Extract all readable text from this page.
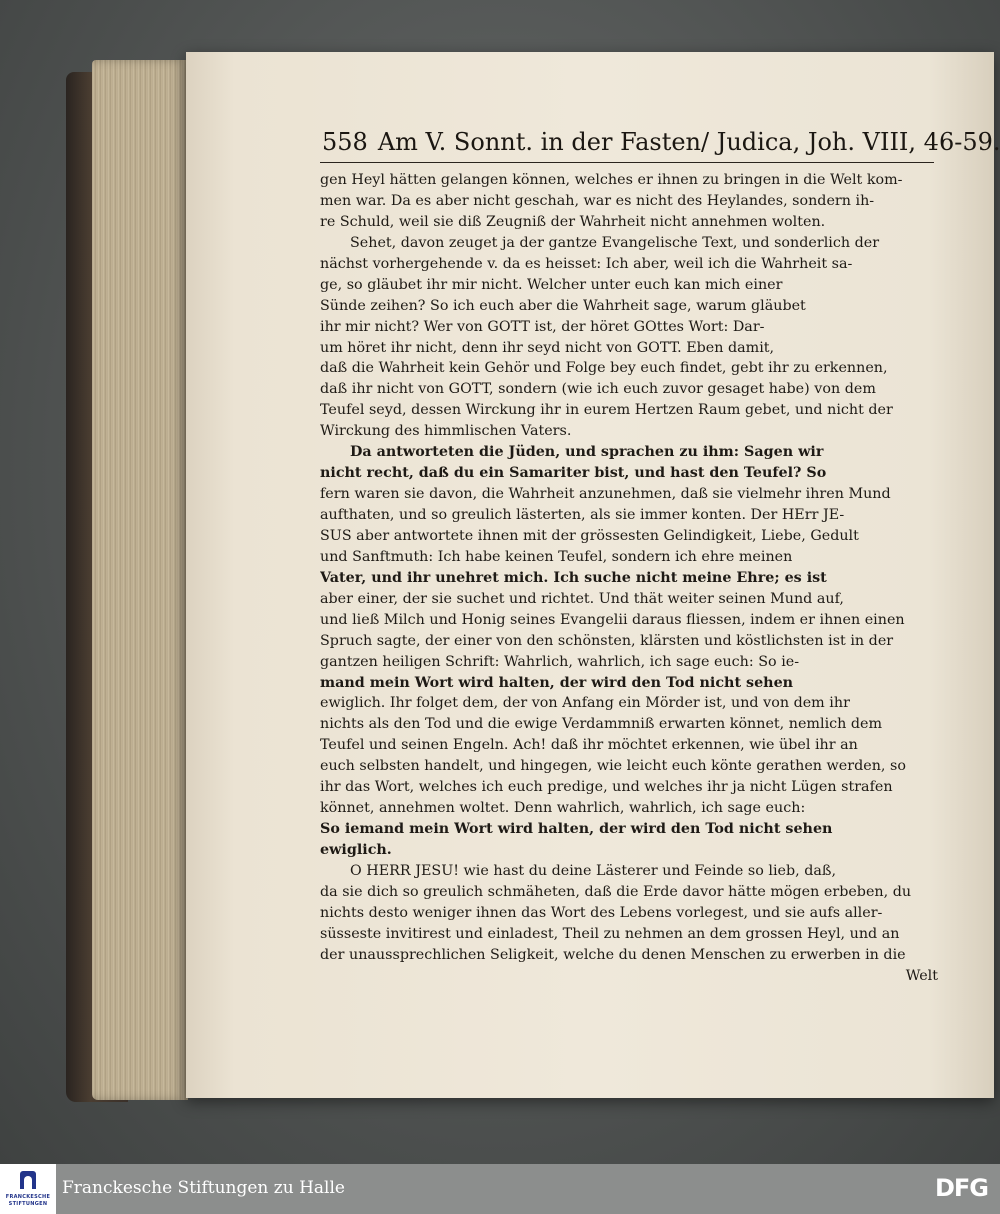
558 Am V. Sonnt. in der Fasten/ Judica, Joh. VIII, 46-59.
gen Heyl hätten gelangen können, welches er ihnen zu bringen in die Welt kom-
men war. Da es aber nicht geschah, war es nicht des Heylandes, sondern ih-
re Schuld, weil sie diß Zeugniß der Wahrheit nicht annehmen wolten.
Sehet, davon zeuget ja der gantze Evangelische Text, und sonderlich der
nächst vorhergehende v. da es heisset: Ich aber, weil ich die Wahrheit sa-
ge, so gläubet ihr mir nicht. Welcher unter euch kan mich einer
Sünde zeihen? So ich euch aber die Wahrheit sage, warum gläubet
ihr mir nicht? Wer von GOTT ist, der höret GOttes Wort: Dar-
um höret ihr nicht, denn ihr seyd nicht von GOTT. Eben damit,
daß die Wahrheit kein Gehör und Folge bey euch findet, gebt ihr zu erkennen,
daß ihr nicht von GOTT, sondern (wie ich euch zuvor gesaget habe) von dem
Teufel seyd, dessen Wirckung ihr in eurem Hertzen Raum gebet, und nicht der
Wirckung des himmlischen Vaters.
Da antworteten die Jüden, und sprachen zu ihm: Sagen wir
nicht recht, daß du ein Samariter bist, und hast den Teufel? So
fern waren sie davon, die Wahrheit anzunehmen, daß sie vielmehr ihren Mund
aufthaten, und so greulich lästerten, als sie immer konten. Der HErr JE-
SUS aber antwortete ihnen mit der grössesten Gelindigkeit, Liebe, Gedult
und Sanftmuth: Ich habe keinen Teufel, sondern ich ehre meinen
Vater, und ihr unehret mich. Ich suche nicht meine Ehre; es ist
aber einer, der sie suchet und richtet. Und thät weiter seinen Mund auf,
und ließ Milch und Honig seines Evangelii daraus fliessen, indem er ihnen einen
Spruch sagte, der einer von den schönsten, klärsten und köstlichsten ist in der
gantzen heiligen Schrift: Wahrlich, wahrlich, ich sage euch: So ie-
mand mein Wort wird halten, der wird den Tod nicht sehen
ewiglich. Ihr folget dem, der von Anfang ein Mörder ist, und von dem ihr
nichts als den Tod und die ewige Verdammniß erwarten könnet, nemlich dem
Teufel und seinen Engeln. Ach! daß ihr möchtet erkennen, wie übel ihr an
euch selbsten handelt, und hingegen, wie leicht euch könte gerathen werden, so
ihr das Wort, welches ich euch predige, und welches ihr ja nicht Lügen strafen
könnet, annehmen woltet. Denn wahrlich, wahrlich, ich sage euch:
So iemand mein Wort wird halten, der wird den Tod nicht sehen
ewiglich.
O HERR JESU! wie hast du deine Lästerer und Feinde so lieb, daß,
da sie dich so greulich schmäheten, daß die Erde davor hätte mögen erbeben, du
nichts desto weniger ihnen das Wort des Lebens vorlegest, und sie aufs aller-
süsseste invitirest und einladest, Theil zu nehmen an dem grossen Heyl, und an
der unaussprechlichen Seligkeit, welche du denen Menschen zu erwerben in die
Welt
FRANCKESCHE
STIFTUNGEN
Franckesche Stiftungen zu Halle	DFG
